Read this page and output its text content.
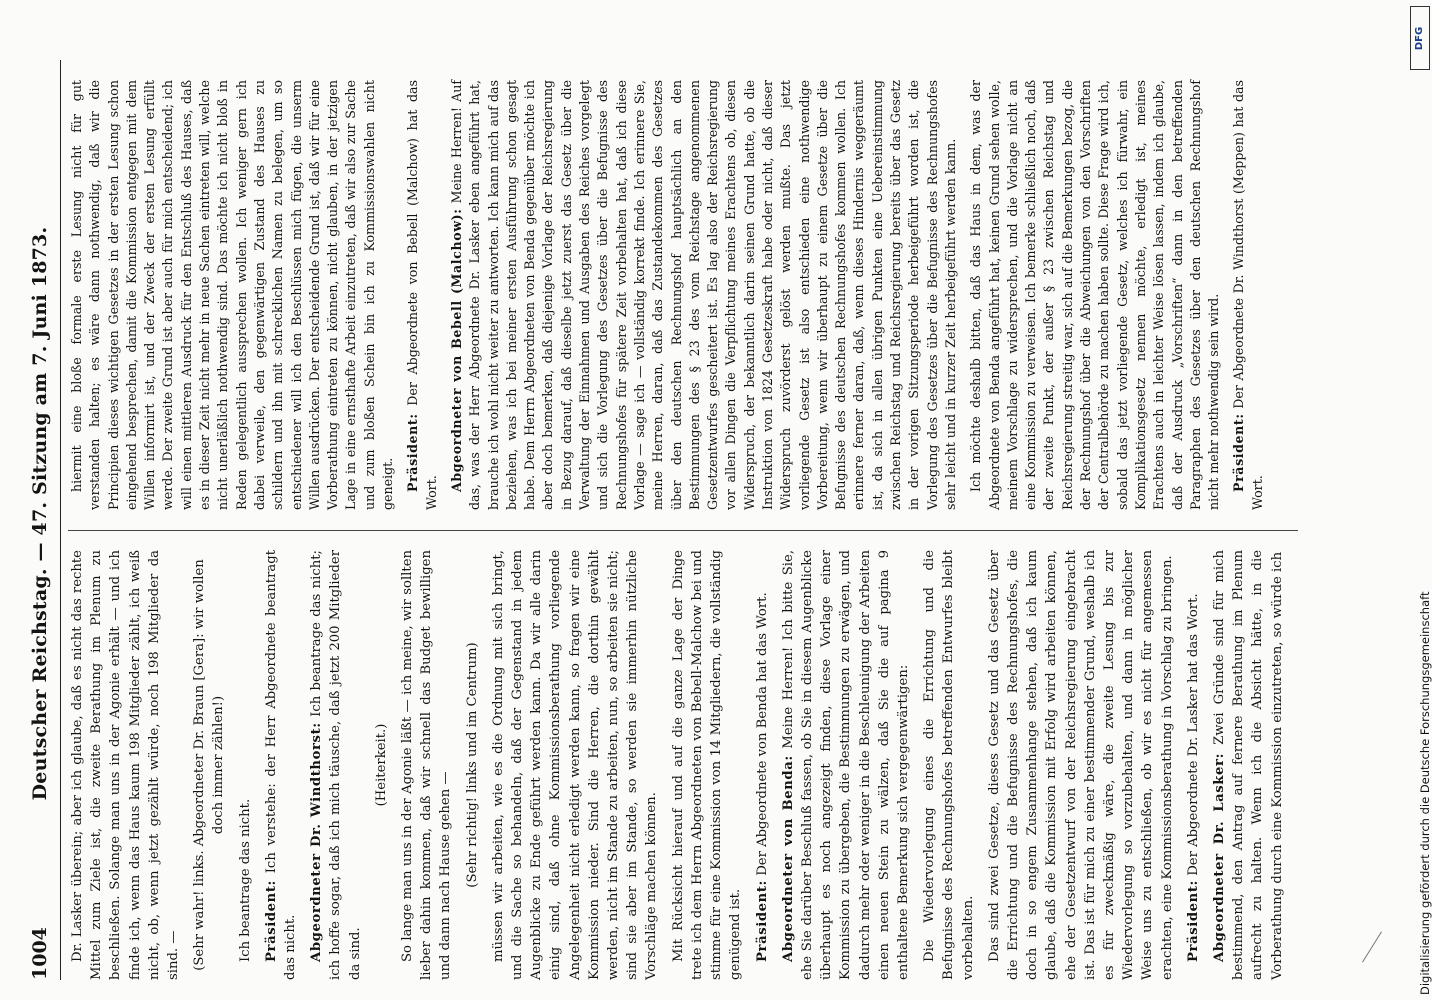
1004
Deutscher Reichstag. — 47. Sitzung am 7. Juni 1873. Dr. Lasker überein; aber ich glaube, daß es nicht das rechte Mittel zum Ziele ist, die zweite Berathung im Plenum zu beschließen. Solange man uns in der Agonie erhält — und ich finde ich, wenn das Haus kaum 198 Mitglieder zählt, ich weiß nicht, ob, wenn jetzt gezählt würde, noch 198 Mitglieder da sind. — (Sehr wahr! links. Abgeordneter Dr. Braun [Gera]: wir wollen doch immer zählen!)

Ich beantrage das nicht. Präsident: Ich verstehe: der Herr Abgeordnete beantragt das nicht. Abgeordneter Dr. Windthorst: Ich beantrage das nicht; ich hoffe sogar, daß ich mich täusche, daß jetzt 200 Mitglieder da sind.

(Heiterkeit.) So lange man uns in der Agonie läßt — ich meine, wir sollten lieber dahin kommen, daß wir schnell das Budget bewilligen und dann nach Hause gehen — (Sehr richtig! links und im Centrum) müssen wir arbeiten, wie es die Ordnung mit sich bringt, und die Sache so behandeln, daß der Gegenstand in jedem Augenblicke zu Ende geführt werden kann. Da wir alle darin einig sind, daß ohne Kommissionsberathung vorliegende Angelegenheit nicht erledigt werden kann, so fragen wir eine Kommission nieder. Sind die Herren, die dorthin gewählt werden, nicht im Stande zu arbeiten, nun, so arbeiten sie nicht; sind sie aber im Stande, so werden sie immerhin nützliche Vorschläge machen können. Mit Rücksicht hierauf und auf die ganze Lage der Dinge trete ich dem Herrn Abgeordneten von Bebell-Malchow bei und stimme für eine Kommission von 14 Mitgliedern, die vollständig genügend ist. Präsident: Der Abgeordnete von Benda hat das Wort. Abgeordneter von Benda: Meine Herren! Ich bitte Sie, ehe Sie darüber Beschluß fassen, ob Sie in diesem Augenblicke überhaupt es noch angezeigt finden, diese Vorlage einer Kommission zu übergeben, die Bestimmungen zu erwägen, und dadurch mehr oder weniger in die Beschleunigung der Arbeiten einen neuen Stein zu wälzen, daß Sie die auf pagina 9 enthaltene Bemerkung sich vergegenwärtigen: Die Wiedervorlegung eines die Errichtung und die Befugnisse des Rechnungshofes betreffenden Entwurfes bleibt vorbehalten. Das sind zwei Gesetze, dieses Gesetz und das Gesetz über die Errichtung und die Befugnisse des Rechnungshofes, die doch in so engem Zusammenhange stehen, daß ich kaum glaube, daß die Kommission mit Erfolg wird arbeiten können, ehe der Gesetzentwurf von der Reichsregierung eingebracht ist. Das ist für mich zu einer bestimmender Grund, weshalb ich es für zweckmäßig wäre, die zweite Lesung bis zur Wiedervorlegung so vorzubehalten, und dann in möglicher Weise uns zu entschließen, ob wir es nicht für angemessen erachten, eine Kommissionsberathung in Vorschlag zu bringen. Präsident: Der Abgeordnete Dr. Lasker hat das Wort. Abgeordneter Dr. Lasker: Zwei Gründe sind für mich bestimmend, den Antrag auf fernere Berathung im Plenum aufrecht zu halten. Wenn ich die Absicht hätte, in die Vorberathung durch eine Kommission einzutreten, so würde ich

hiermit eine bloße formale erste Lesung nicht für gut verstanden halten; es wäre dann nothwendig, daß wir die Principien dieses wichtigen Gesetzes in der ersten Lesung schon eingehend besprechen, damit die Kommission entgegen mit dem Willen informirt ist, und der Zweck der ersten Lesung erfüllt werde. Der zweite Grund ist aber auch für mich entscheidend; ich will einen mittleren Ausdruck für den Entschluß des Hauses, daß es in dieser Zeit nicht mehr in neue Sachen eintreten will, welche nicht unerläßlich nothwendig sind. Das möchte ich nicht bloß in Reden gelegentlich aussprechen wollen. Ich weniger gern ich dabei verweile, den gegenwärtigen Zustand des Hauses zu schildern und ihn mit schrecklichen Namen zu belegen, um so entschiedener will ich den Beschlüssen mich fügen, die unserm Willen ausdrücken. Der entscheidende Grund ist, daß wir für eine Vorberathung eintreten zu können, nicht glauben, in der jetzigen Lage in eine ernsthafte Arbeit einzutreten, daß wir also zur Sache und zum bloßen Schein bin ich zu Kommissionswahlen nicht geneigt. Präsident: Der Abgeordnete von Bebell (Malchow) hat das Wort.

Abgeordneter von Bebell (Malchow): Meine Herren! Auf das, was der Herr Abgeordnete Dr. Lasker eben angeführt hat, brauche ich wohl nicht weiter zu antworten. Ich kann mich auf das beziehen, was ich bei meiner ersten Ausführung schon gesagt habe. Dem Herrn Abgeordneten von Benda gegenüber möchte ich aber doch bemerken, daß diejenige Vorlage der Reichsregierung in Bezug darauf, daß dieselbe jetzt zuerst das Gesetz über die Verwaltung der Einnahmen und Ausgaben des Reiches vorgelegt und sich die Vorlegung des Gesetzes über die Befugnisse des Rechnungshofes für spätere Zeit vorbehalten hat, daß ich diese Vorlage — sage ich — vollständig korrekt finde. Ich erinnere Sie, meine Herren, daran, daß das Zustandekommen des Gesetzes über den deutschen Rechnungshof hauptsächlich an den Bestimmungen des § 23 des vom Reichstage angenommenen Gesetzentwurfes gescheitert ist. Es lag also der Reichsregierung vor allen Dingen die Verpflichtung meines Erachtens ob, diesen Widerspruch, der bekanntlich darin seinen Grund hatte, ob die Instruktion von 1824 Gesetzeskraft habe oder nicht, daß dieser Widerspruch zuvörderst gelöst werden mußte. Das jetzt vorliegende Gesetz ist also entschieden eine nothwendige Vorbereitung, wenn wir überhaupt zu einem Gesetze über die Befugnisse des deutschen Rechnungshofes kommen wollen. Ich erinnere ferner daran, daß, wenn dieses Hindernis weggeräumt ist, da sich in allen übrigen Punkten eine Uebereinstimmung zwischen Reichstag und Reichsregierung bereits über das Gesetz in der vorigen Sitzungsperiode herbeigeführt worden ist, die Vorlegung des Gesetzes über die Befugnisse des Rechnungshofes sehr leicht und in kurzer Zeit herbeigeführt werden kann. Ich möchte deshalb bitten, daß das Haus in dem, was der Abgeordnete von Benda angeführt hat, keinen Grund sehen wolle, meinem Vorschlage zu widersprechen, und die Vorlage nicht an eine Kommission zu verweisen. Ich bemerke schließlich noch, daß der zweite Punkt, der außer § 23 zwischen Reichstag und Reichsregierung streitig war, sich auf die Bemerkungen bezog, die der Rechnungshof über die Abweichungen von den Vorschriften der Centralbehörde zu machen haben sollte. Diese Frage wird ich, sobald das jetzt vorliegende Gesetz, welches ich fürwahr, ein Komplikationsgesetz nennen möchte, erledigt ist, meines Erachtens auch in leichter Weise lösen lassen, indem ich glaube, daß der Ausdruck „Vorschriften“ dann in den betreffenden Paragraphen des Gesetzes über den deutschen Rechnungshof nicht mehr nothwendig sein wird. Präsident: Der Abgeordnete Dr. Windthorst (Meppen) hat das Wort.

Digitalisierung gefördert durch die Deutsche Forschungsgemeinschaft
DFG
